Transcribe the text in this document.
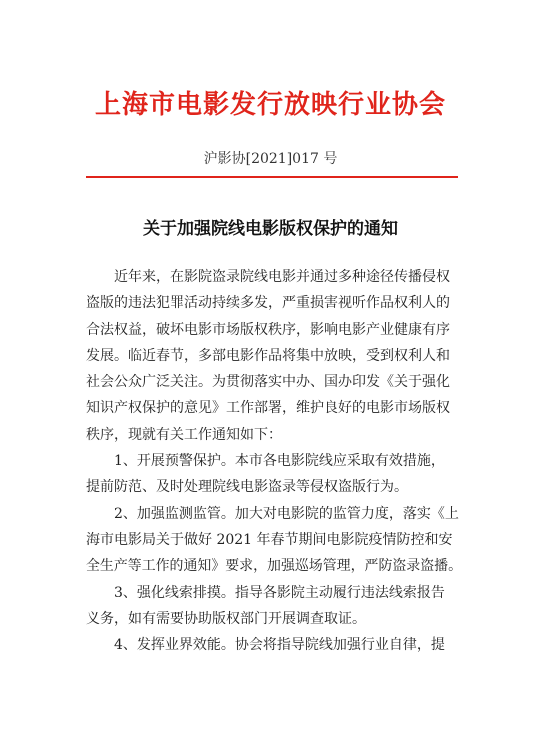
上海市电影发行放映行业协会
沪影协[2021]017 号
关于加强院线电影版权保护的通知

近年来，在影院盗录院线电影并通过多种途径传播侵权
盗版的违法犯罪活动持续多发，严重损害视听作品权利人的
合法权益，破坏电影市场版权秩序，影响电影产业健康有序
发展。临近春节，多部电影作品将集中放映，受到权利人和
社会公众广泛关注。为贯彻落实中办、国办印发《关于强化
知识产权保护的意见》工作部署，维护良好的电影市场版权
秩序，现就有关工作通知如下：

1、开展预警保护。本市各电影院线应采取有效措施，
提前防范、及时处理院线电影盗录等侵权盗版行为。

2、加强监测监管。加大对电影院的监管力度，落实《上
海市电影局关于做好 2021 年春节期间电影院疫情防控和安
全生产等工作的通知》要求，加强巡场管理，严防盗录盗播。

3、强化线索排摸。指导各影院主动履行违法线索报告
义务，如有需要协助版权部门开展调查取证。

4、发挥业界效能。协会将指导院线加强行业自律，提
